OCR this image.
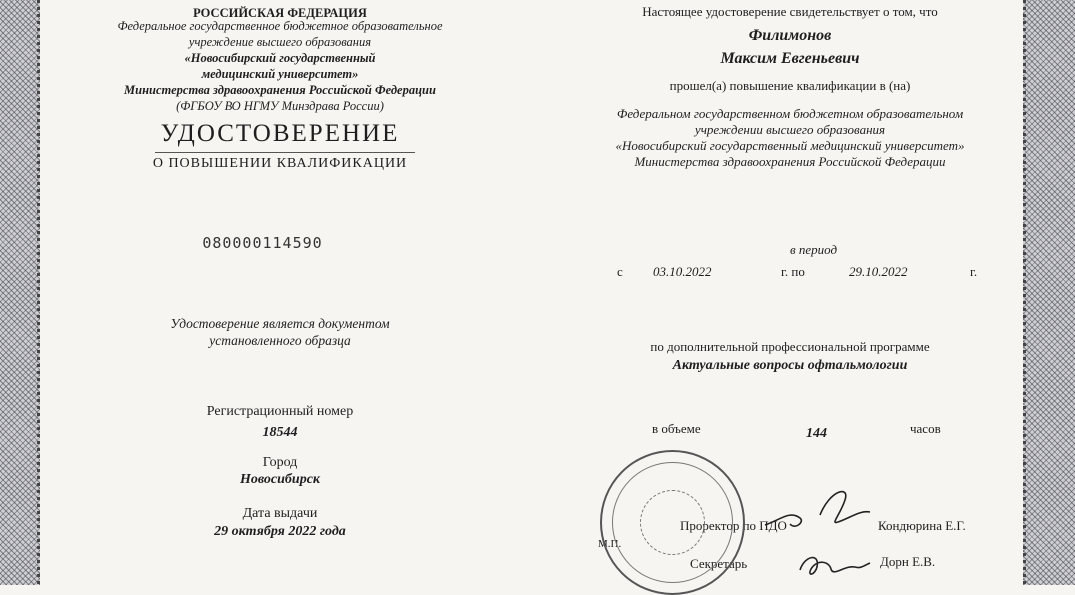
РОССИЙСКАЯ ФЕДЕРАЦИЯ
Федеральное государственное бюджетное образовательное
учреждение высшего образования
«Новосибирский государственный
медицинский университет»
Министерства здравоохранения Российской Федерации
(ФГБОУ ВО НГМУ Минздрава России)
УДОСТОВЕРЕНИЕ
О ПОВЫШЕНИИ КВАЛИФИКАЦИИ
080000114590
Удостоверение является документом
установленного образца
Регистрационный номер
18544
Город
Новосибирск
Дата выдачи
29 октября 2022 года
Настоящее удостоверение свидетельствует о том, что
Филимонов
Максим Евгеньевич
прошел(а) повышение квалификации в (на)
Федеральном государственном бюджетном образовательном
учреждении высшего образования
«Новосибирский государственный медицинский университет»
Министерства здравоохранения Российской Федерации
в период
с 03.10.2022	г. по	29.10.2022	г.
по дополнительной профессиональной программе
Актуальные вопросы офтальмологии
в объеме	144	часов
М.П.
Проректор по ПДО	Кондюрина Е.Г.
Секретарь	Дорн Е.В.
